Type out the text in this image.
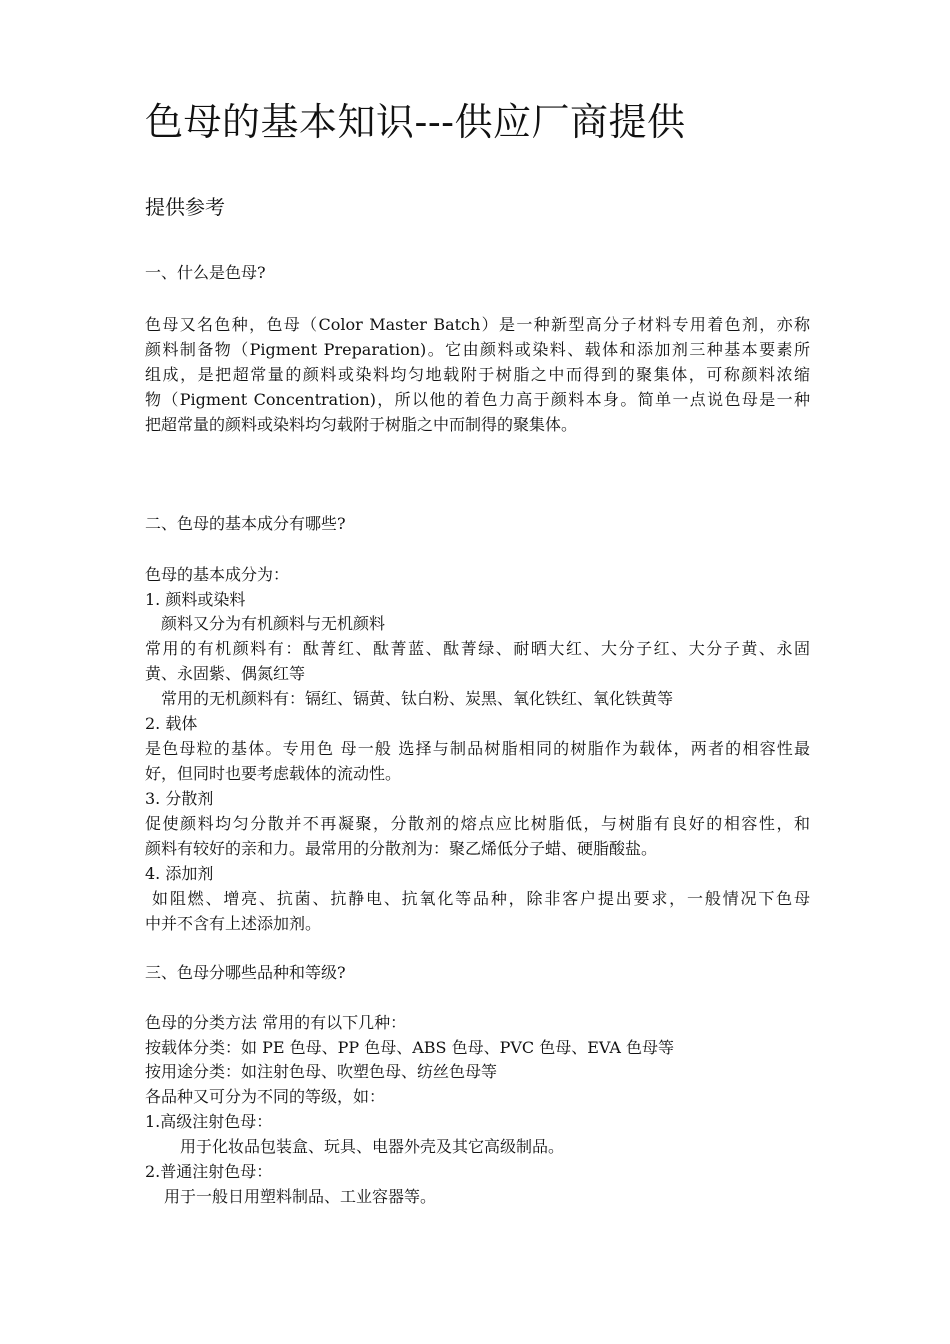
色母的基本知识---供应厂商提供
提供参考
一、什么是色母?
色母又名色种，色母（Color Master Batch）是一种新型高分子材料专用着色剂，亦称
颜料制备物（Pigment Preparation)。它由颜料或染料、载体和添加剂三种基本要素所
组成，是把超常量的颜料或染料均匀地载附于树脂之中而得到的聚集体，可称颜料浓缩
物（Pigment Concentration)，所以他的着色力高于颜料本身。简单一点说色母是一种
把超常量的颜料或染料均匀载附于树脂之中而制得的聚集体。
二、色母的基本成分有哪些?
色母的基本成分为：
1. 颜料或染料
颜料又分为有机颜料与无机颜料
常用的有机颜料有：酞菁红、酞菁蓝、酞菁绿、耐晒大红、大分子红、大分子黄、永固
黄、永固紫、偶氮红等
常用的无机颜料有：镉红、镉黄、钛白粉、炭黑、氧化铁红、氧化铁黄等
2. 载体
是色母粒的基体。专用色 母一般 选择与制品树脂相同的树脂作为载体，两者的相容性最
好，但同时也要考虑载体的流动性。
3. 分散剂
促使颜料均匀分散并不再凝聚，分散剂的熔点应比树脂低，与树脂有良好的相容性，和
颜料有较好的亲和力。最常用的分散剂为：聚乙烯低分子蜡、硬脂酸盐。
4. 添加剂
如阻燃、增亮、抗菌、抗静电、抗氧化等品种，除非客户提出要求，一般情况下色母
中并不含有上述添加剂。
三、色母分哪些品种和等级?
色母的分类方法 常用的有以下几种：
按载体分类：如 PE 色母、PP 色母、ABS 色母、PVC 色母、EVA 色母等
按用途分类：如注射色母、吹塑色母、纺丝色母等
各品种又可分为不同的等级，如：
1.高级注射色母：
用于化妆品包装盒、玩具、电器外壳及其它高级制品。
2.普通注射色母：
用于一般日用塑料制品、工业容器等。
